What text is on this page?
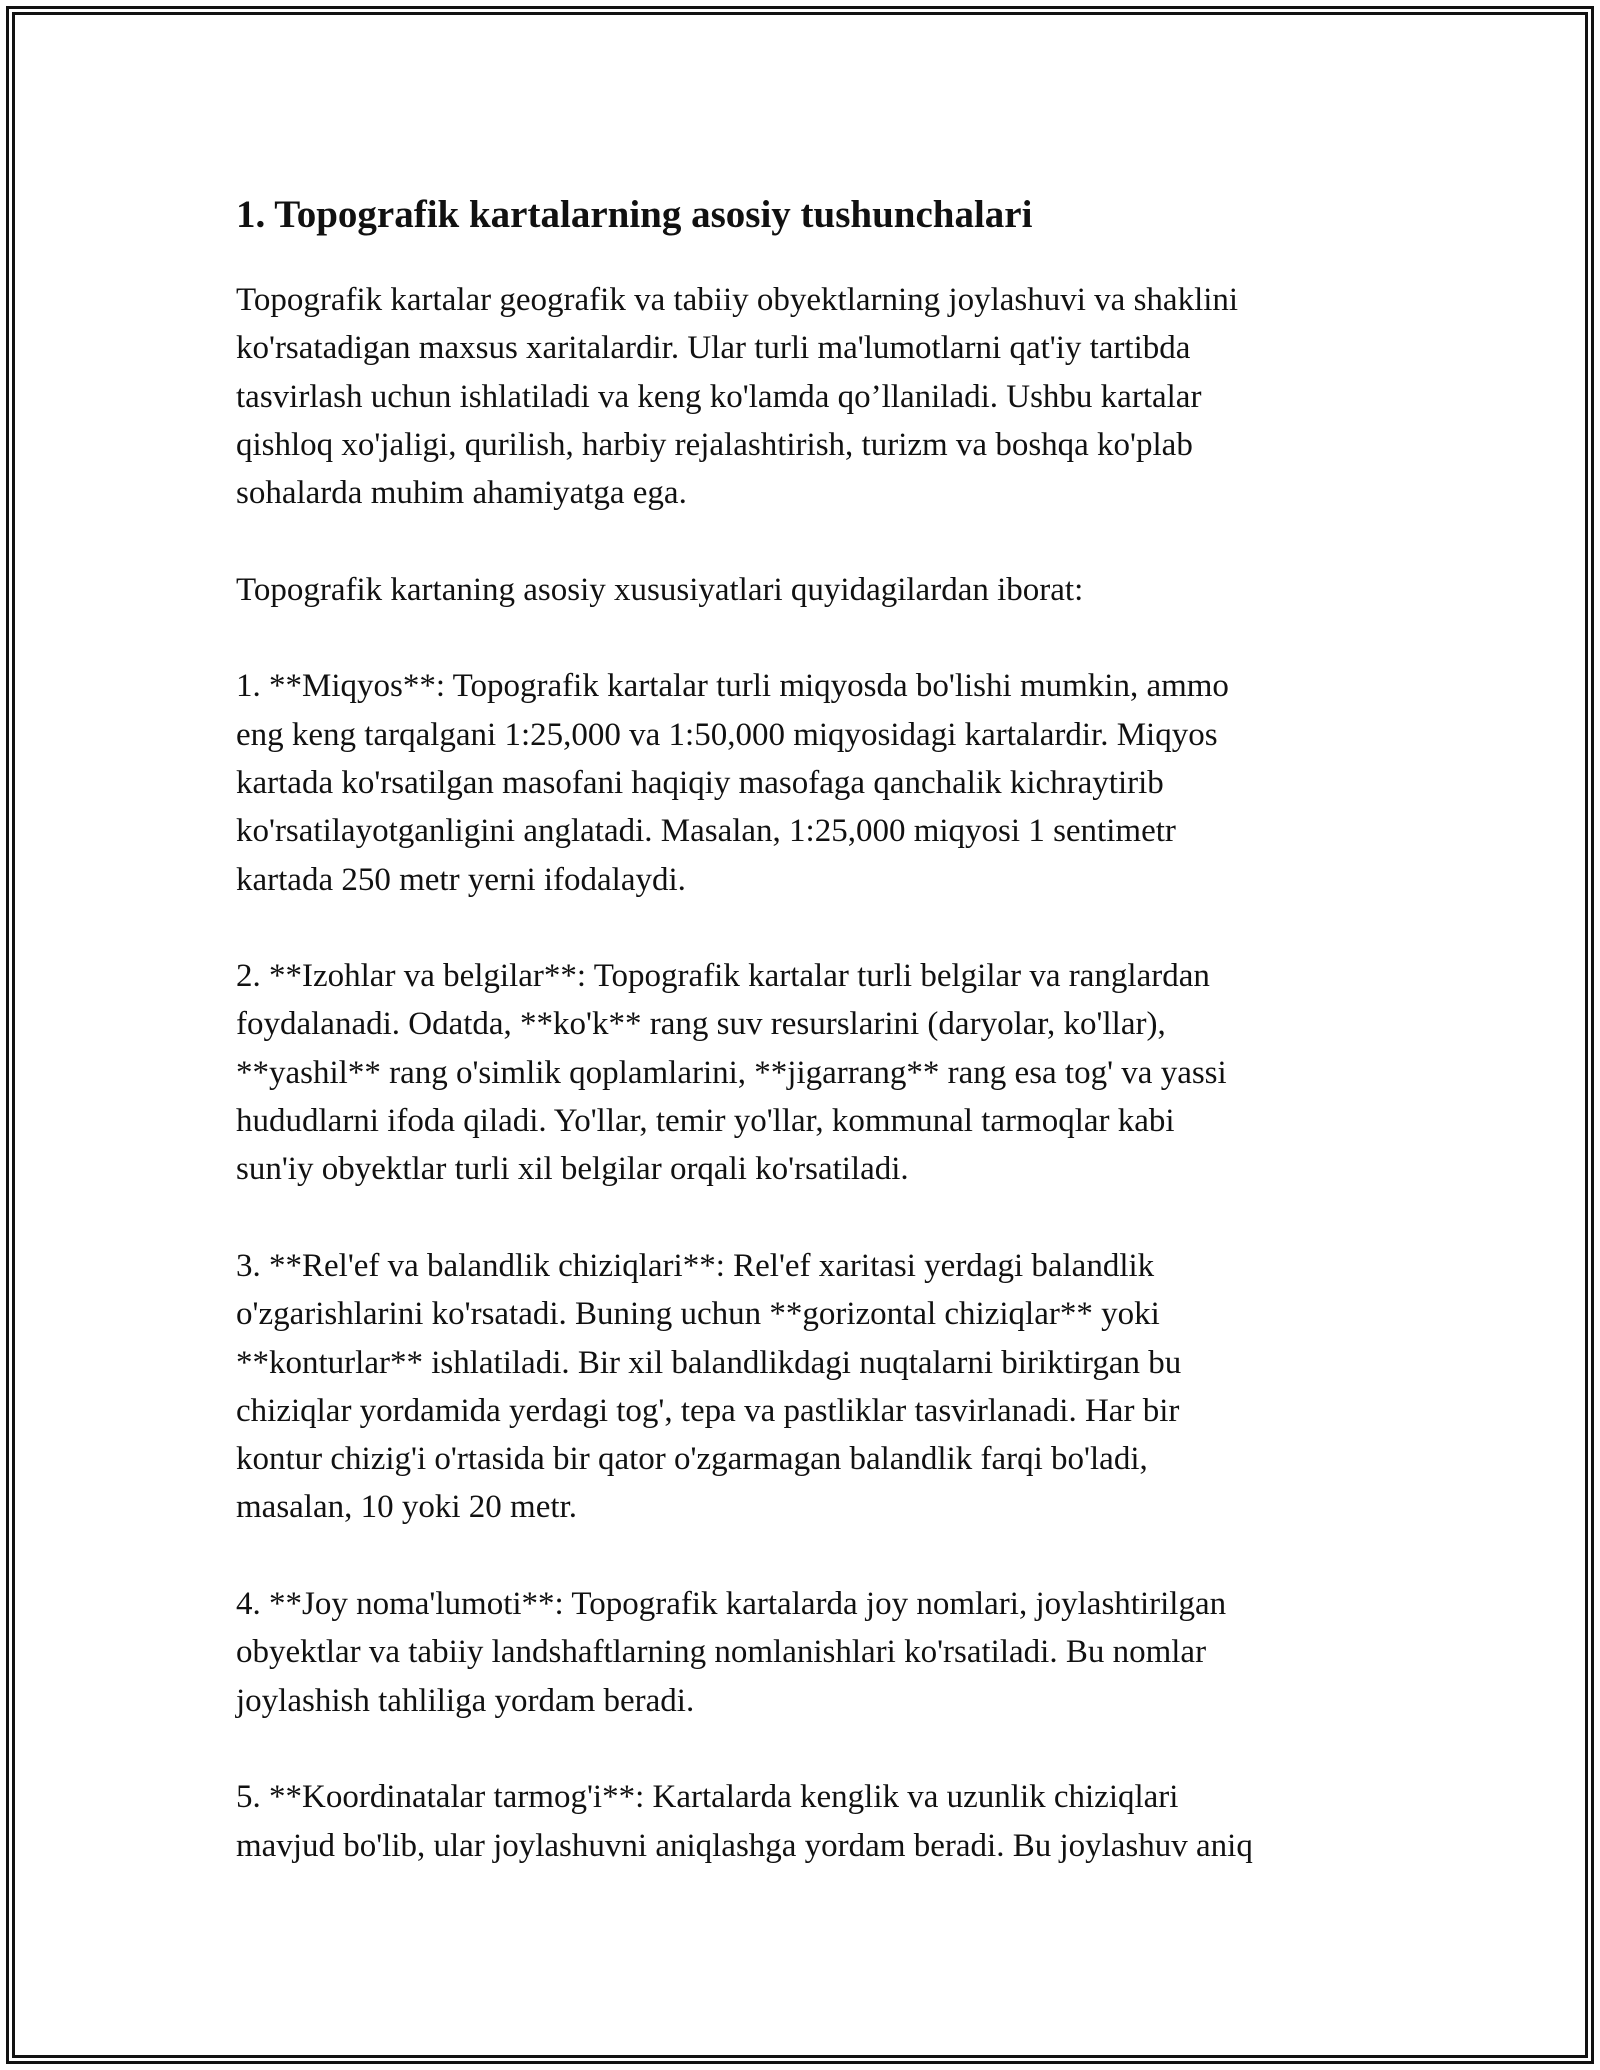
1. Topografik kartalarning asosiy tushunchalari

Topografik kartalar geografik va tabiiy obyektlarning joylashuvi va shaklini
ko'rsatadigan maxsus xaritalardir. Ular turli ma'lumotlarni qat'iy tartibda
tasvirlash uchun ishlatiladi va keng ko'lamda qo’llaniladi. Ushbu kartalar
qishloq xo'jaligi, qurilish, harbiy rejalashtirish, turizm va boshqa ko'plab
sohalarda muhim ahamiyatga ega.

Topografik kartaning asosiy xususiyatlari quyidagilardan iborat:

1. **Miqyos**: Topografik kartalar turli miqyosda bo'lishi mumkin, ammo
eng keng tarqalgani 1:25,000 va 1:50,000 miqyosidagi kartalardir. Miqyos
kartada ko'rsatilgan masofani haqiqiy masofaga qanchalik kichraytirib
ko'rsatilayotganligini anglatadi. Masalan, 1:25,000 miqyosi 1 sentimetr
kartada 250 metr yerni ifodalaydi.

2. **Izohlar va belgilar**: Topografik kartalar turli belgilar va ranglardan
foydalanadi. Odatda, **ko'k** rang suv resurslarini (daryolar, ko'llar),
**yashil** rang o'simlik qoplamlarini, **jigarrang** rang esa tog' va yassi
hududlarni ifoda qiladi. Yo'llar, temir yo'llar, kommunal tarmoqlar kabi
sun'iy obyektlar turli xil belgilar orqali ko'rsatiladi.

3. **Rel'ef va balandlik chiziqlari**: Rel'ef xaritasi yerdagi balandlik
o'zgarishlarini ko'rsatadi. Buning uchun **gorizontal chiziqlar** yoki
**konturlar** ishlatiladi. Bir xil balandlikdagi nuqtalarni biriktirgan bu
chiziqlar yordamida yerdagi tog', tepa va pastliklar tasvirlanadi. Har bir
kontur chizig'i o'rtasida bir qator o'zgarmagan balandlik farqi bo'ladi,
masalan, 10 yoki 20 metr.

4. **Joy noma'lumoti**: Topografik kartalarda joy nomlari, joylashtirilgan
obyektlar va tabiiy landshaftlarning nomlanishlari ko'rsatiladi. Bu nomlar
joylashish tahliliga yordam beradi.

5. **Koordinatalar tarmog'i**: Kartalarda kenglik va uzunlik chiziqlari
mavjud bo'lib, ular joylashuvni aniqlashga yordam beradi. Bu joylashuv aniq
